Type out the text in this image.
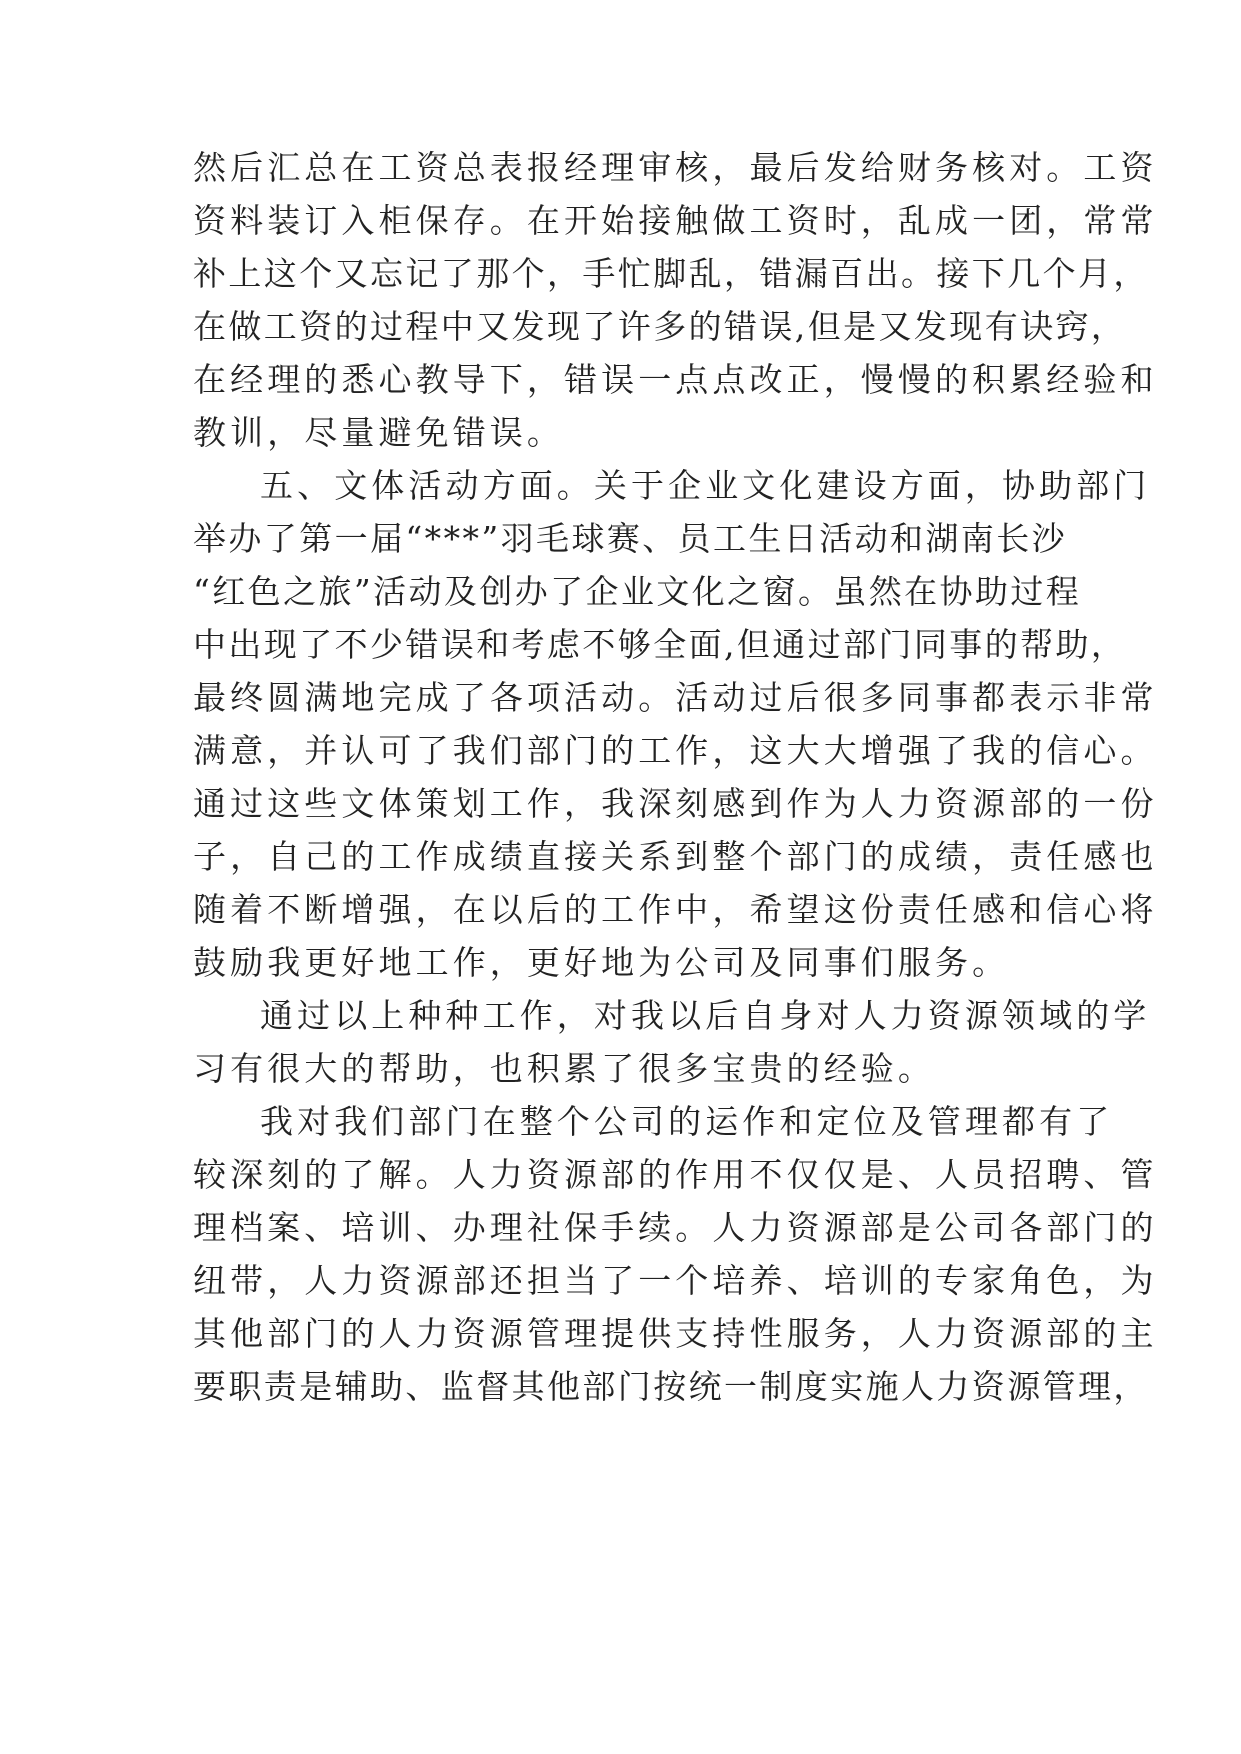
然后汇总在工资总表报经理审核，最后发给财务核对。工资
资料装订入柜保存。在开始接触做工资时，乱成一团，常常
补上这个又忘记了那个，手忙脚乱，错漏百出。接下几个月，
在做工资的过程中又发现了许多的错误,但是又发现有诀窍，
在经理的悉心教导下，错误一点点改正，慢慢的积累经验和
教训，尽量避免错误。
五、文体活动方面。关于企业文化建设方面，协助部门
举办了第一届“***”羽毛球赛、员工生日活动和湖南长沙
“红色之旅”活动及创办了企业文化之窗。虽然在协助过程
中出现了不少错误和考虑不够全面,但通过部门同事的帮助，
最终圆满地完成了各项活动。活动过后很多同事都表示非常
满意，并认可了我们部门的工作，这大大增强了我的信心。
通过这些文体策划工作，我深刻感到作为人力资源部的一份
子，自己的工作成绩直接关系到整个部门的成绩，责任感也
随着不断增强，在以后的工作中，希望这份责任感和信心将
鼓励我更好地工作，更好地为公司及同事们服务。
通过以上种种工作，对我以后自身对人力资源领域的学
习有很大的帮助，也积累了很多宝贵的经验。
我对我们部门在整个公司的运作和定位及管理都有了
较深刻的了解。人力资源部的作用不仅仅是、人员招聘、管
理档案、培训、办理社保手续。人力资源部是公司各部门的
纽带，人力资源部还担当了一个培养、培训的专家角色，为
其他部门的人力资源管理提供支持性服务，人力资源部的主
要职责是辅助、监督其他部门按统一制度实施人力资源管理，
